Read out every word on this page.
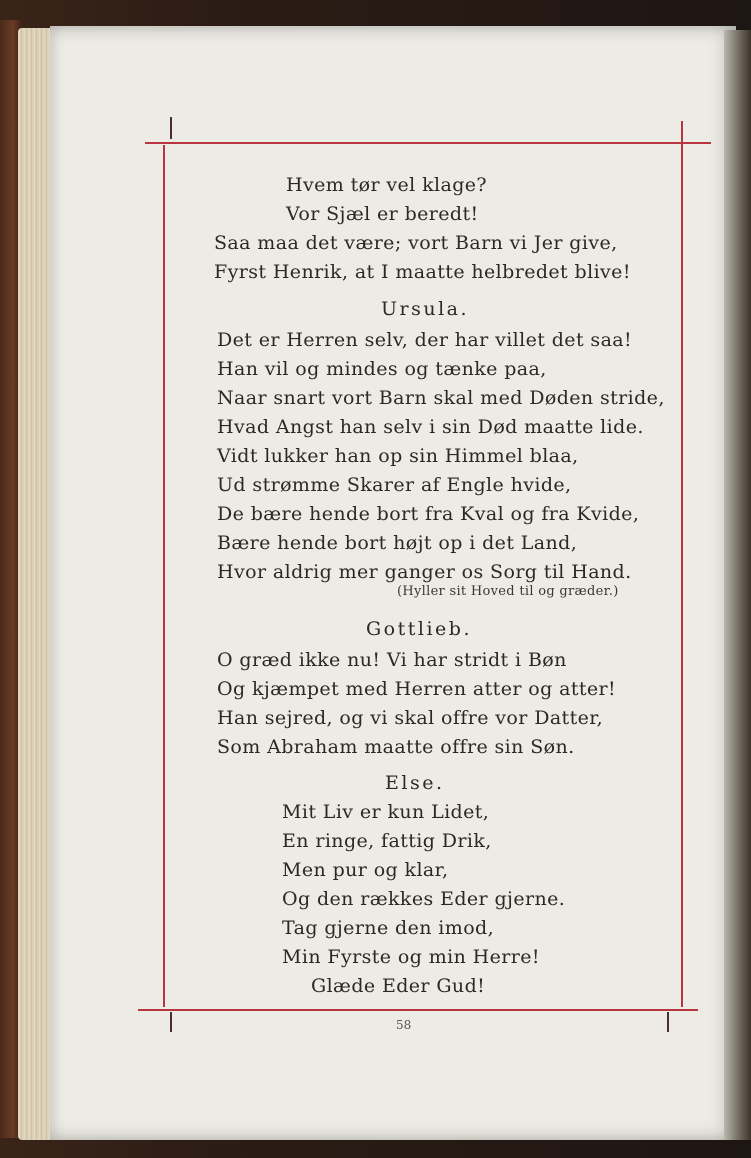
Hvem tør vel klage?
Vor Sjæl er beredt!
Saa maa det være; vort Barn vi Jer give,
Fyrst Henrik, at I maatte helbredet blive!
Ursula.
Det er Herren selv, der har villet det saa!
Han vil og mindes og tænke paa,
Naar snart vort Barn skal med Døden stride,
Hvad Angst han selv i sin Død maatte lide.
Vidt lukker han op sin Himmel blaa,
Ud strømme Skarer af Engle hvide,
De bære hende bort fra Kval og fra Kvide,
Bære hende bort højt op i det Land,
Hvor aldrig mer ganger os Sorg til Hand.
(Hyller sit Hoved til og græder.)
Gottlieb.
O græd ikke nu! Vi har stridt i Bøn
Og kjæmpet med Herren atter og atter!
Han sejred, og vi skal offre vor Datter,
Som Abraham maatte offre sin Søn.
Else.
Mit Liv er kun Lidet,
En ringe, fattig Drik,
Men pur og klar,
Og den rækkes Eder gjerne.
Tag gjerne den imod,
Min Fyrste og min Herre!
Glæde Eder Gud!
58
